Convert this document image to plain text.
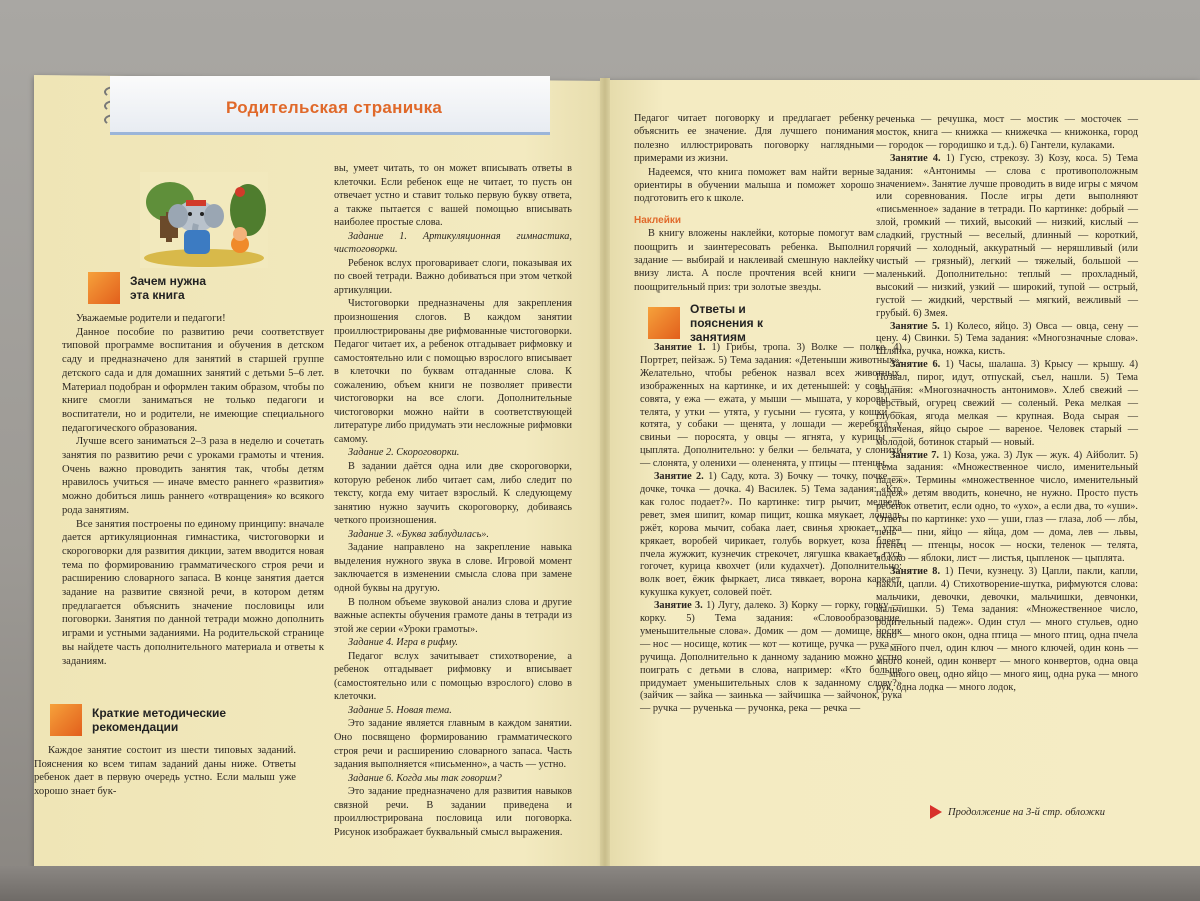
Родительская страничка
Зачем нужна эта книга

Уважаемые родители и педагоги!

Данное пособие по развитию речи соответствует типовой программе воспитания и обучения в детском саду и предназначено для занятий в старшей группе детского сада и для домашних занятий с детьми 5–6 лет. Материал подобран и оформлен таким образом, чтобы по книге смогли заниматься не только педагоги и воспитатели, но и родители, не имеющие специального педагогического образования.

Лучше всего заниматься 2–3 раза в неделю и сочетать занятия по развитию речи с уроками грамоты и чтения. Очень важно проводить занятия так, чтобы детям нравилось учиться — иначе вместо раннего «развития» можно добиться лишь раннего «отвращения» ко всякого рода занятиям.

Все занятия построены по единому принципу: вначале дается артикуляционная гимнастика, чистоговорки и скороговорки для развития дикции, затем вводится новая тема по формированию грамматического строя речи и расширению словарного запаса. В конце занятия дается задание на развитие связной речи, в котором детям предлагается объяснить значение пословицы или поговорки. Занятия по данной тетради можно дополнить играми и устными заданиями. На родительской странице вы найдете часть дополнительного материала и ответы к заданиям.

Краткие методические рекомендации

Каждое занятие состоит из шести типовых заданий. Пояснения ко всем типам заданий даны ниже. Ответы ребенок дает в первую очередь устно. Если малыш уже хорошо знает бук-

вы, умеет читать, то он может вписывать ответы в клеточки. Если ребенок еще не читает, то пусть он отвечает устно и ставит только первую букву ответа, а также пытается с вашей помощью вписывать наиболее простые слова.

Задание 1. Артикуляционная гимнастика, чистоговорки.

Ребенок вслух проговаривает слоги, показывая их по своей тетради. Важно добиваться при этом четкой артикуляции.

Чистоговорки предназначены для закрепления произношения слогов. В каждом занятии проиллюстрированы две рифмованные чистоговорки. Педагог читает их, а ребенок отгадывает рифмовку и самостоятельно или с помощью взрослого вписывает в клеточки по буквам отгаданные слова. К сожалению, объем книги не позволяет привести чистоговорки на все слоги. Дополнительные чистоговорки можно найти в соответствующей литературе либо придумать эти несложные рифмовки самому.

Задание 2. Скороговорки.

В задании даётся одна или две скороговорки, которую ребенок либо читает сам, либо следит по тексту, когда ему читает взрослый. К следующему занятию нужно заучить скороговорку, добиваясь четкого произношения.

Задание 3. «Буква заблудилась».

Задание направлено на закрепление навыка выделения нужного звука в слове. Игровой момент заключается в изменении смысла слова при замене одной буквы на другую.

В полном объеме звуковой анализ слова и другие важные аспекты обучения грамоте даны в тетради из этой же серии «Уроки грамоты».

Задание 4. Игра в рифму.

Педагог вслух зачитывает стихотворение, а ребенок отгадывает рифмовку и вписывает (самостоятельно или с помощью взрослого) слово в клеточки.

Задание 5. Новая тема.

Это задание является главным в каждом занятии. Оно посвящено формированию грамматического строя речи и расширению словарного запаса. Часть задания выполняется «письменно», а часть — устно.

Задание 6. Когда мы так говорим?

Это задание предназначено для развития навыков связной речи. В задании приведена и проиллюстрирована пословица или поговорка. Рисунок изображает буквальный смысл выражения.

Педагог читает поговорку и предлагает ребенку объяснить ее значение. Для лучшего понимания полезно иллюстрировать поговорку наглядными примерами из жизни.

Надеемся, что книга поможет вам найти верные ориентиры в обучении малыша и поможет хорошо подготовить его к школе.

Наклейки

В книгу вложены наклейки, которые помогут вам поощрить и заинтересовать ребенка. Выполнил задание — выбирай и наклеивай смешную наклейку внизу листа. А после прочтения всей книги — поощрительный приз: три золотые звезды.

Ответы и пояснения к занятиям

Занятие 1. 1) Грибы, тропа. 3) Волке — полке. 4) Портрет, пейзаж. 5) Тема задания: «Детеныши животных». Желательно, чтобы ребенок назвал всех животных, изображенных на картинке, и их детенышей: у совы — совята, у ежа — ежата, у мыши — мышата, у коровы — телята, у утки — утята, у гусыни — гусята, у кошки — котята, у собаки — щенята, у лошади — жеребята, у свиньи — поросята, у овцы — ягнята, у курицы — цыплята. Дополнительно: у белки — бельчата, у слонихи — слонята, у оленихи — олененята, у птицы — птенцы.

Занятие 2. 1) Саду, кота. 3) Бочку — точку, почке — дочке, точка — дочка. 4) Василек. 5) Тема задания: «Кто как голос подает?». По картинке: тигр рычит, медведь ревет, змея шипит, комар пищит, кошка мяукает, лошадь ржёт, корова мычит, собака лает, свинья хрюкает, утка крякает, воробей чирикает, голубь воркует, коза блеет, пчела жужжит, кузнечик стрекочет, лягушка квакает, гусь гогочет, курица квохчет (или кудахчет). Дополнительно: волк воет, ёжик фыркает, лиса тявкает, ворона каркает, кукушка кукует, соловей поёт.

Занятие 3. 1) Лугу, далеко. 3) Корку — горку, горку — корку. 5) Тема задания: «Словообразование, уменьшительные слова». Домик — дом — домище, носик — нос — носище, котик — кот — котище, ручка — рука — ручища. Дополнительно к данному заданию можно устно поиграть с детьми в слова, например: «Кто больше придумает уменьшительных слов к заданному слову?» (зайчик — зайка — заинька — зайчишка — зайчонок, рука — ручка — рученька — ручонка, река — речка —

реченька — речушка, мост — мостик — мосточек — мосток, книга — книжка — книжечка — книжонка, город — городок — городишко и т.д.). 6) Гантели, кулаками.

Занятие 4. 1) Гусю, стрекозу. 3) Козу, коса. 5) Тема задания: «Антонимы — слова с противоположным значением». Занятие лучше проводить в виде игры с мячом или соревнования. После игры дети выполняют «письменное» задание в тетради. По картинке: добрый — злой, громкий — тихий, высокий — низкий, кислый — сладкий, грустный — веселый, длинный — короткий, горячий — холодный, аккуратный — неряшливый (или чистый — грязный), легкий — тяжелый, большой — маленький. Дополнительно: теплый — прохладный, высокий — низкий, узкий — широкий, тупой — острый, густой — жидкий, черствый — мягкий, вежливый — грубый. 6) Змея.

Занятие 5. 1) Колесо, яйцо. 3) Овса — овца, сену — цену. 4) Свинки. 5) Тема задания: «Многозначные слова». Шляпка, ручка, ножка, кисть.

Занятие 6. 1) Часы, шалаша. 3) Крысу — крышу. 4) Позвал, пирог, идут, отпускай, съел, нашли. 5) Тема задания: «Многозначность антонимов». Хлеб свежий — черствый, огурец свежий — соленый. Река мелкая — глубокая, ягода мелкая — крупная. Вода сырая — кипяченая, яйцо сырое — вареное. Человек старый — молодой, ботинок старый — новый.

Занятие 7. 1) Коза, ужа. 3) Лук — жук. 4) Айболит. 5) Тема задания: «Множественное число, именительный падеж». Термины «множественное число, именительный падеж» детям вводить, конечно, не нужно. Просто пусть ребенок ответит, если одно, то «ухо», а если два, то «уши». Ответы по картинке: ухо — уши, глаз — глаза, лоб — лбы, пень — пни, яйцо — яйца, дом — дома, лев — львы, птенец — птенцы, носок — носки, теленок — телята, яблоко — яблоки, лист — листья, цыпленок — цыплята.

Занятие 8. 1) Печи, кузнецу. 3) Цапли, пакли, капли, пакли, цапли. 4) Стихотворение-шутка, рифмуются слова: мальчики, девочки, девочки, мальчишки, девчонки, мальчишки. 5) Тема задания: «Множественное число, родительный падеж». Один стул — много стульев, одно окно — много окон, одна птица — много птиц, одна пчела — много пчел, один ключ — много ключей, один конь — много коней, один конверт — много конвертов, одна овца — много овец, одно яйцо — много яиц, одна рука — много рук, одна лодка — много лодок,

Продолжение на 3-й стр. обложки
